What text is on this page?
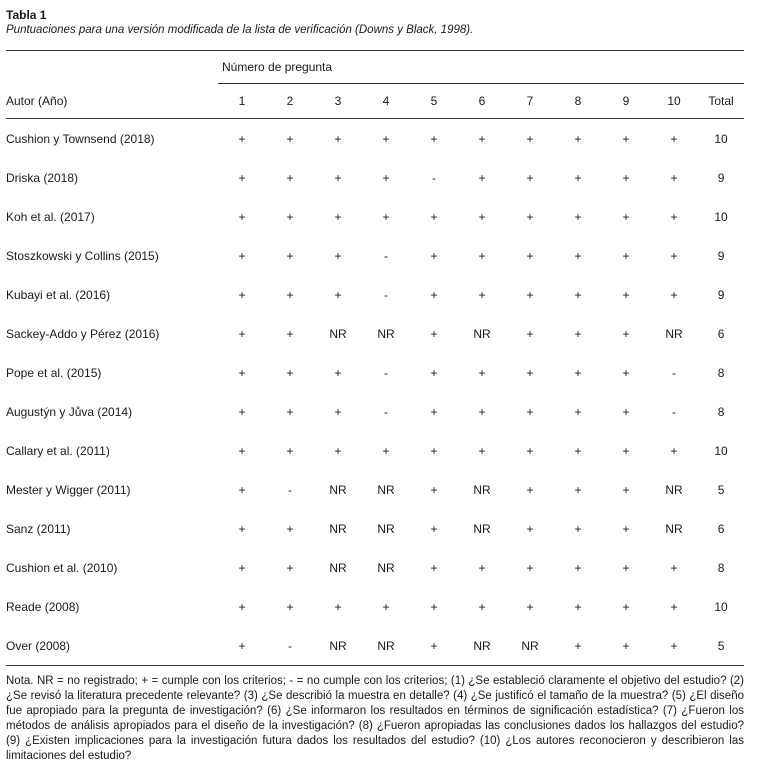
Tabla 1
Puntuaciones para una versión modificada de la lista de verificación (Downs y Black, 1998).
	Número de pregunta										
Autor (Año)	1	2	3	4	5	6	7	8	9	10	Total
Cushion y Townsend (2018)	+	+	+	+	+	+	+	+	+	+	10
Driska (2018)	+	+	+	+	-	+	+	+	+	+	9
Koh et al. (2017)	+	+	+	+	+	+	+	+	+	+	10
Stoszkowski y Collins (2015)	+	+	+	-	+	+	+	+	+	+	9
Kubayi et al. (2016)	+	+	+	-	+	+	+	+	+	+	9
Sackey-Addo y Pérez (2016)	+	+	NR	NR	+	NR	+	+	+	NR	6
Pope et al. (2015)	+	+	+	-	+	+	+	+	+	-	8
Augustýn y Jůva (2014)	+	+	+	-	+	+	+	+	+	-	8
Callary et al. (2011)	+	+	+	+	+	+	+	+	+	+	10
Mester y Wigger (2011)	+	-	NR	NR	+	NR	+	+	+	NR	5
Sanz (2011)	+	+	NR	NR	+	NR	+	+	+	NR	6
Cushion et al. (2010)	+	+	NR	NR	+	+	+	+	+	+	8
Reade (2008)	+	+	+	+	+	+	+	+	+	+	10
Over (2008)	+	-	NR	NR	+	NR	NR	+	+	+	5
Nota. NR = no registrado; + = cumple con los criterios; - = no cumple con los criterios; (1) ¿Se estableció claramente el objetivo del estudio? (2) ¿Se revisó la literatura precedente relevante? (3) ¿Se describió la muestra en detalle? (4) ¿Se justificó el tamaño de la muestra? (5) ¿El diseño fue apropiado para la pregunta de investigación? (6) ¿Se informaron los resultados en términos de significación estadística? (7) ¿Fueron los métodos de análisis apropiados para el diseño de la investigación? (8) ¿Fueron apropiadas las conclusiones dados los hallazgos del estudio? (9) ¿Existen implicaciones para la investigación futura dados los resultados del estudio? (10) ¿Los autores reconocieron y describieron las limitaciones del estudio?
